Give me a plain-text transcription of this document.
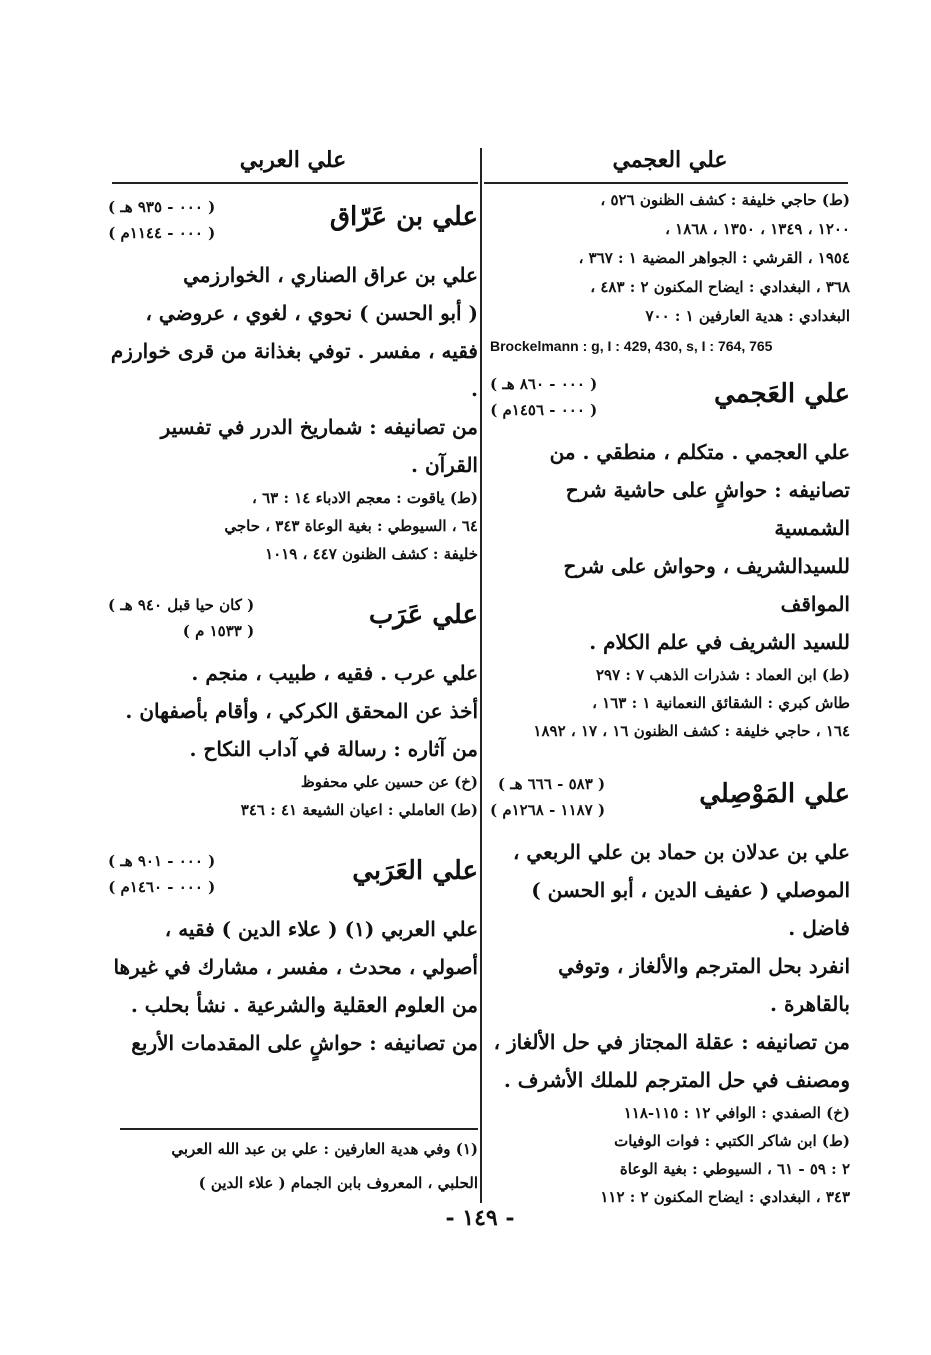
علي العجمي

(ط) حاجي خليفة : كشف الظنون ٥٢٦ ،

١٢٠٠ ، ١٣٤٩ ، ١٣٥٠ ، ١٨٦٨ ،

١٩٥٤ ، القرشي : الجواهر المضية ١ : ٣٦٧ ،

٣٦٨ ، البغدادي : ايضاح المكنون ٢ : ٤٨٣ ،

البغدادي : هدية العارفين ١ : ٧٠٠

Brockelmann : g, I : 429, 430, s, I : 764, 765

علي العَجمي
( ٠٠٠ - ٨٦٠ هـ )
( ٠٠٠ - ١٤٥٦م )

علي العجمي . متكلم ، منطقي . من

تصانيفه : حواشٍ على حاشية شرح الشمسية

للسيدالشريف ، وحواش على شرح المواقف

للسيد الشريف في علم الكلام .

(ط) ابن العماد : شذرات الذهب ٧ : ٢٩٧

طاش كبري : الشقائق النعمانية ١ : ١٦٣ ،

١٦٤ ، حاجي خليفة : كشف الظنون ١٦ ، ١٧ ، ١٨٩٢

علي المَوْصِلي
( ٥٨٣ - ٦٦٦ هـ )
( ١١٨٧ - ١٢٦٨م )

علي بن عدلان بن حماد بن علي الربعي ،

الموصلي ( عفيف الدين ، أبو الحسن ) فاضل .

انفرد بحل المترجم والألغاز ، وتوفي بالقاهرة .

من تصانيفه : عقلة المجتاز في حل الألغاز ،

ومصنف في حل المترجم للملك الأشرف .

(خ) الصفدي : الوافي ١٢ : ١١٥-١١٨

(ط) ابن شاكر الكتبي : فوات الوفيات

٢ : ٥٩ - ٦١ ، السيوطي : بغية الوعاة

٣٤٣ ، البغدادي : ايضاح المكنون ٢ : ١١٢

علي العربي

علي بن عَرّاق
( ٠٠٠ - ٩٣٥ هـ )
( ٠٠٠ - ١١٤٤م )

علي بن عراق الصناري ، الخوارزمي

( أبو الحسن ) نحوي ، لغوي ، عروضي ،

فقيه ، مفسر . توفي بغذانة من قرى خوارزم .

من تصانيفه : شماريخ الدرر في تفسير

القرآن .

(ط) ياقوت : معجم الادباء ١٤ : ٦٣ ،

٦٤ ، السيوطي : بغية الوعاة ٣٤٣ ، حاجي

خليفة : كشف الظنون ٤٤٧ ، ١٠١٩

علي عَرَب
( كان حيا قبل ٩٤٠ هـ )
( ١٥٣٣ م )

علي عرب . فقيه ، طبيب ، منجم .

أخذ عن المحقق الكركي ، وأقام بأصفهان .

من آثاره : رسالة في آداب النكاح .

(خ) عن حسين علي محفوظ

(ط) العاملي : اعيان الشيعة ٤١ : ٣٤٦

علي العَرَبي
( ٠٠٠ - ٩٠١ هـ )
( ٠٠٠ - ١٤٦٠م )

علي العربي (١) ( علاء الدين ) فقيه ،

أصولي ، محدث ، مفسر ، مشارك في غيرها

من العلوم العقلية والشرعية . نشأ بحلب .

من تصانيفه : حواشٍ على المقدمات الأربع

(١) وفي هدية العارفين : علي بن عبد الله العربي
الحلبي ، المعروف بابن الجمام ( علاء الدين )
- ١٤٩ -
